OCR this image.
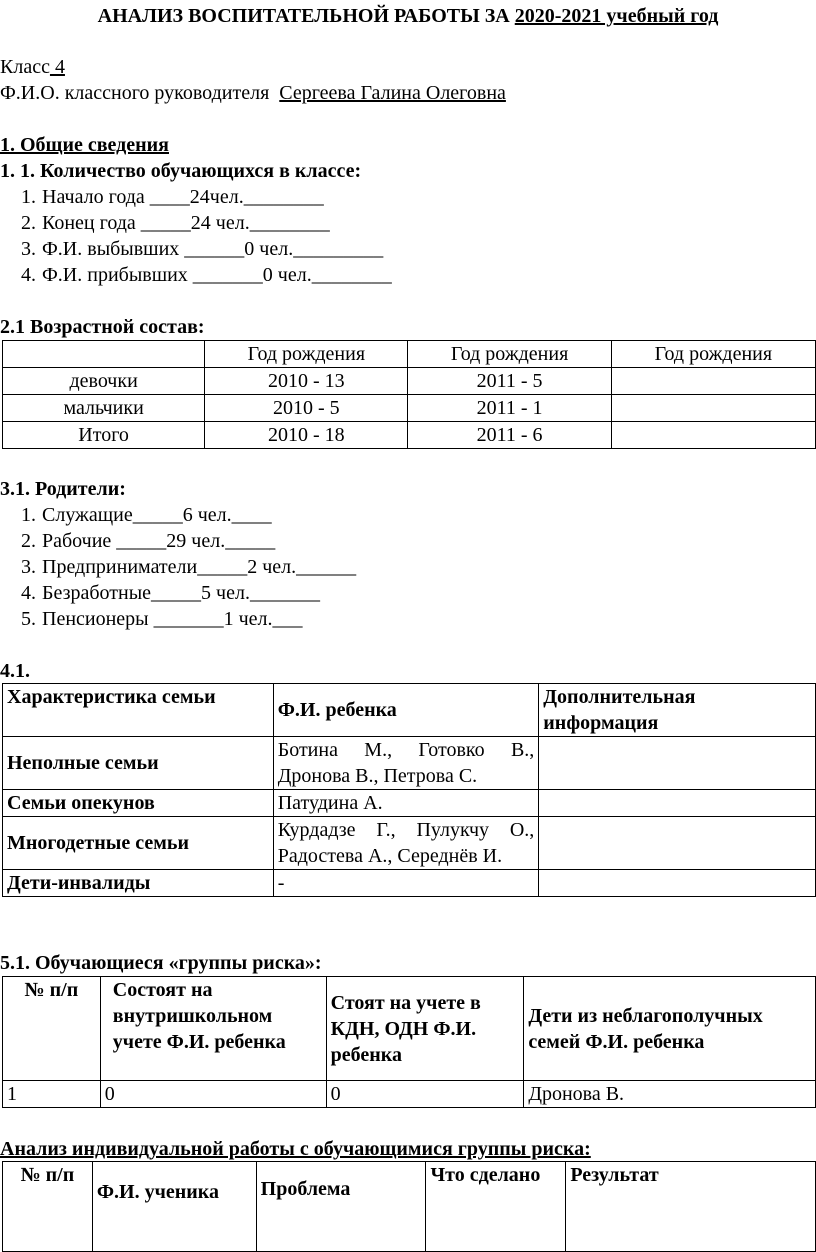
АНАЛИЗ ВОСПИТАТЕЛЬНОЙ РАБОТЫ ЗА 2020-2021 учебный год
Класс 4
Ф.И.О. классного руководителя Сергеева Галина Олеговна
1. Общие сведения
1. 1. Количество обучающихся в классе:
1. Начало года ____24чел.________
2. Конец года _____24 чел.________
3. Ф.И. выбывших ______0 чел._________
4. Ф.И. прибывших _______0 чел.________
2.1 Возрастной состав:
	Год рождения	Год рождения	Год рождения
девочки	2010 - 13	2011 - 5	
мальчики	2010 - 5	2011 - 1	
Итого	2010 - 18	2011 - 6	
3.1. Родители:
1. Служащие_____6 чел.____
2. Рабочие _____29 чел._____
3. Предприниматели_____2 чел.______
4. Безработные_____5 чел._______
5. Пенсионеры _______1 чел.___
4.1.
Характеристика семьи	Ф.И. ребенка	Дополнительная информация
Неполные семьи	Ботина М., Готовко В., Дронова В., Петрова С.	
Семьи опекунов	Патудина А.	
Многодетные семьи	Курдадзе Г., Пулукчу О., Радостева А., Середнёв И.	
Дети-инвалиды	-	
5.1. Обучающиеся «группы риска»:
№ п/п	Состоят на внутришкольном учете Ф.И. ребенка	Стоят на учете в КДН, ОДН Ф.И. ребенка	Дети из неблагополучных семей Ф.И. ребенка
1	0	0	Дронова В.
Анализ индивидуальной работы с обучающимися группы риска:
№ п/п	Ф.И. ученика	Проблема	Что сделано	Результат
